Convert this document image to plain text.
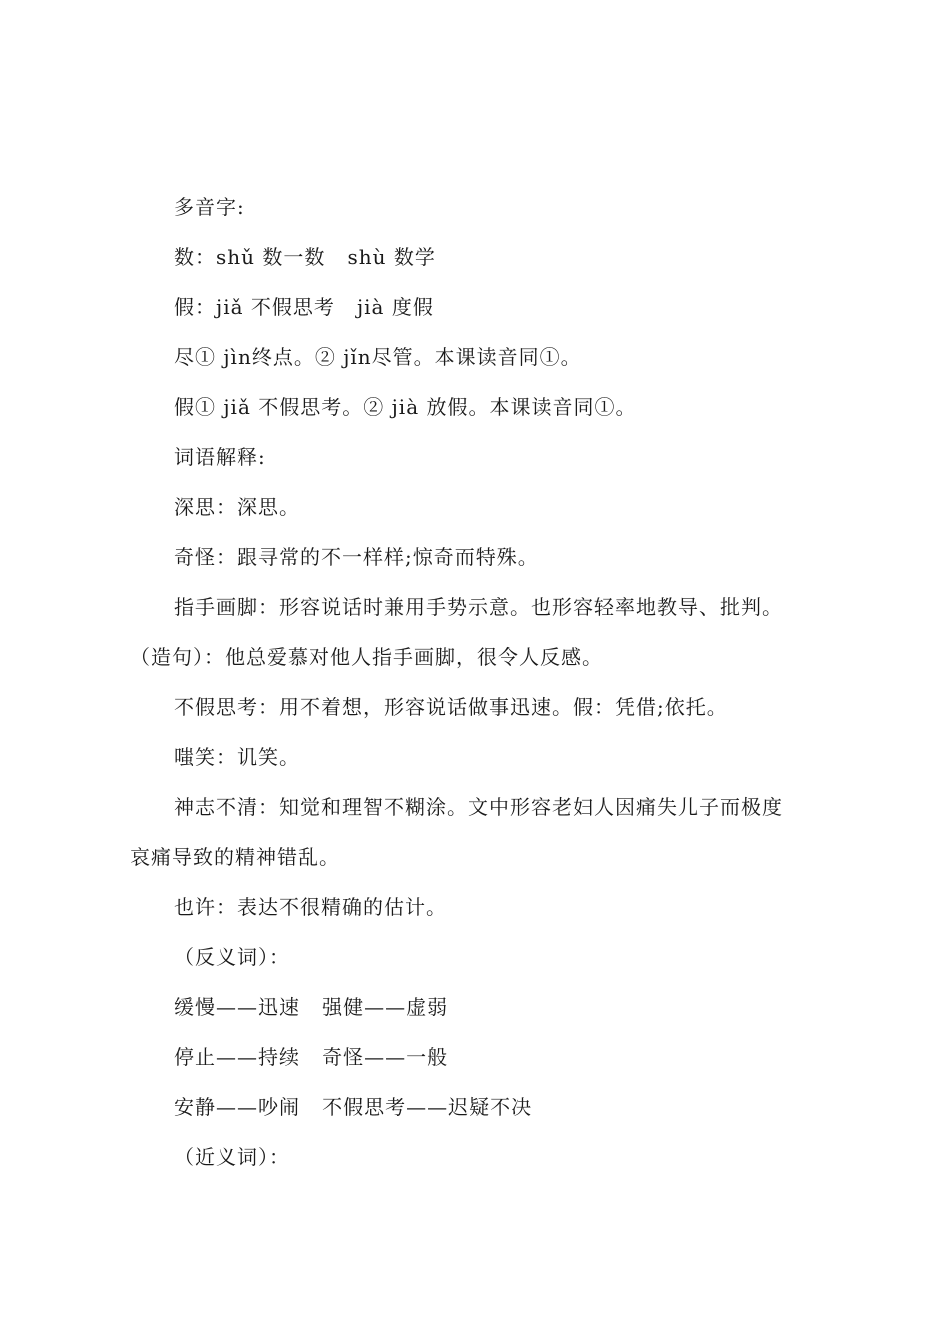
多音字:
数：shǔ 数一数   shù 数学
假：jiǎ 不假思考   jià 度假
尽① jìn终点。② jǐn尽管。本课读音同①。
假① jiǎ 不假思考。② jià 放假。本课读音同①。
词语解释:
深思：深思。
奇怪：跟寻常的不一样样;惊奇而特殊。
指手画脚：形容说话时兼用手势示意。也形容轻率地教导、批判。
（造句）：他总爱慕对他人指手画脚，很令人反感。
不假思考：用不着想，形容说话做事迅速。假：凭借;依托。
嗤笑：讥笑。
神志不清：知觉和理智不糊涂。文中形容老妇人因痛失儿子而极度
哀痛导致的精神错乱。
也许：表达不很精确的估计。
（反义词）：
缓慢——迅速   强健——虚弱
停止——持续   奇怪——一般
安静——吵闹   不假思考——迟疑不决
（近义词）：
